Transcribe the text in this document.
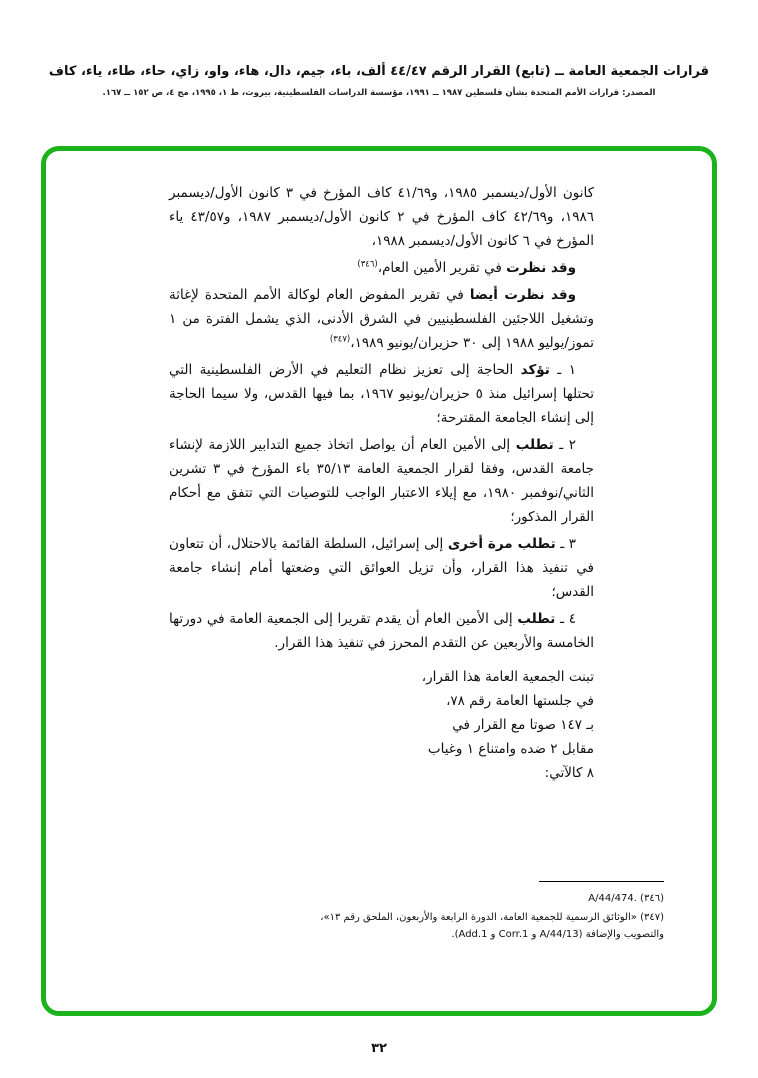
قرارات الجمعية العامة ــ (تابع) القرار الرقم ٤٤/٤٧ ألف، باء، جيم، دال، هاء، واو، زاي، حاء، طاء، ياء، كاف
المصدر: قرارات الأمم المتحدة بشأن فلسطين ١٩٨٧ ــ ١٩٩١، مؤسسة الدراسات الفلسطينية، بيروت، ط ١، ١٩٩٥، مج ٤، ص ١٥٢ ــ ١٦٧.

كانون الأول/ديسمبر ١٩٨٥، و٤١/٦٩ كاف المؤرخ في ٣ كانون الأول/ديسمبر ١٩٨٦، و٤٢/٦٩ كاف المؤرخ في ٢ كانون الأول/ديسمبر ١٩٨٧، و٤٣/٥٧ ياء المؤرخ في ٦ كانون الأول/ديسمبر ١٩٨٨،

وقد نظرت في تقرير الأمين العام،$^{(٣٤٦)}$

وقد نظرت أيضا في تقرير المفوض العام لوكالة الأمم المتحدة لإغاثة وتشغيل اللاجئين الفلسطينيين في الشرق الأدنى، الذي يشمل الفترة من ١ تموز/يوليو ١٩٨٨ إلى ٣٠ حزيران/يونيو ١٩٨٩،$^{(٣٤٧)}$

١ ـ تؤكد الحاجة إلى تعزيز نظام التعليم في الأرض الفلسطينية التي تحتلها إسرائيل منذ ٥ حزيران/يونيو ١٩٦٧، بما فيها القدس، ولا سيما الحاجة إلى إنشاء الجامعة المقترحة؛

٢ ـ تطلب إلى الأمين العام أن يواصل اتخاذ جميع التدابير اللازمة لإنشاء جامعة القدس، وفقا لقرار الجمعية العامة ٣٥/١٣ باء المؤرخ في ٣ تشرين الثاني/نوفمبر ١٩٨٠، مع إيلاء الاعتبار الواجب للتوصيات التي تتفق مع أحكام القرار المذكور؛

٣ ـ تطلب مرة أخرى إلى إسرائيل، السلطة القائمة بالاحتلال، أن تتعاون في تنفيذ هذا القرار، وأن تزيل العوائق التي وضعتها أمام إنشاء جامعة القدس؛

٤ ـ تطلب إلى الأمين العام أن يقدم تقريرا إلى الجمعية العامة في دورتها الخامسة والأربعين عن التقدم المحرز في تنفيذ هذا القرار.

تبنت الجمعية العامة هذا القرار،
في جلستها العامة رقم ٧٨،
بـ ١٤٧ صوتا مع القرار في
مقابل ٢ ضده وامتناع ١ وغياب
٨ كالآتي:
(٣٤٦) A/44/474.‎
(٣٤٧) «الوثائق الرسمية للجمعية العامة، الدورة الرابعة والأربعون، الملحق رقم ١٣»، والتصويب والإضافة (A/44/13 و Corr.1 و Add.1).
٣٢
